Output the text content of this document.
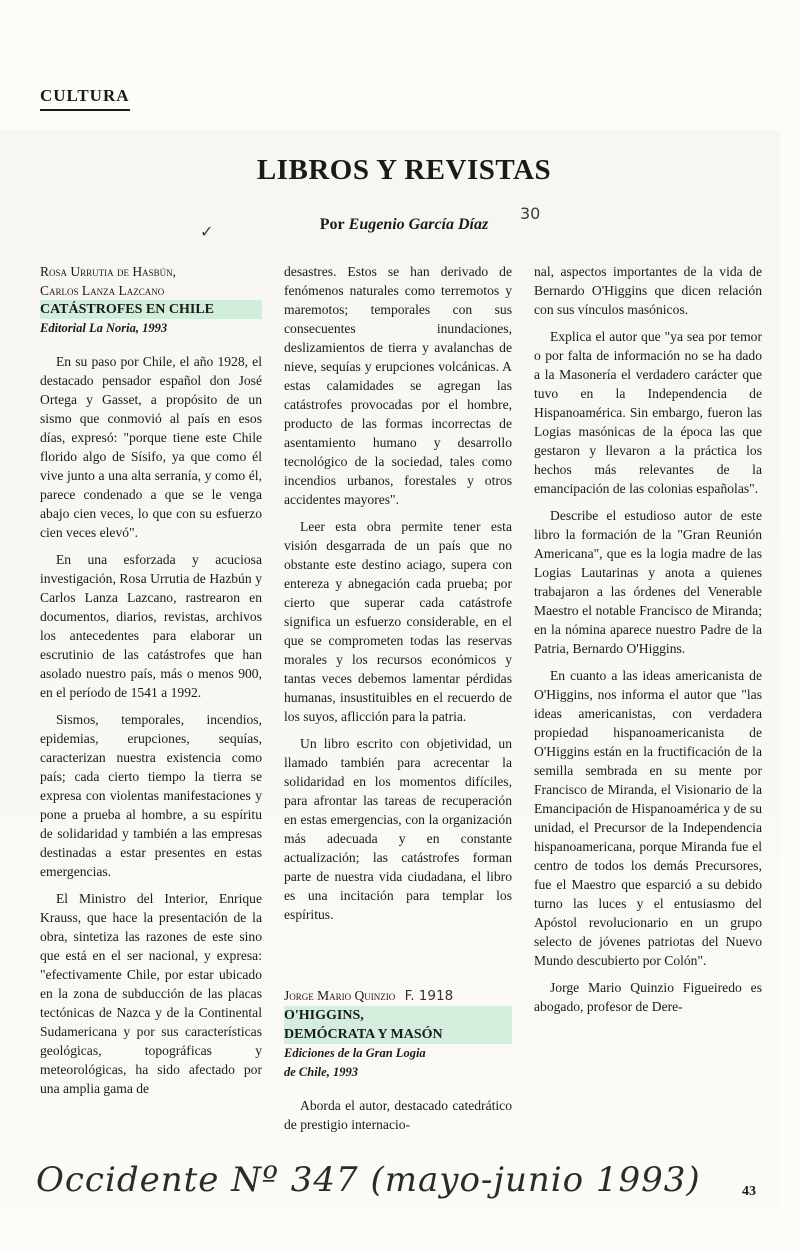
CULTURA
LIBROS Y REVISTAS
Por Eugenio García Díaz
30
✓
Rosa Urrutia de Hasbún,
Carlos Lanza Lazcano
CATÁSTROFES EN CHILE
Editorial La Noria, 1993

En su paso por Chile, el año 1928, el destacado pensador español don José Ortega y Gasset, a propósito de un sismo que conmovió al país en esos días, expresó: "porque tiene este Chile florido algo de Sísifo, ya que como él vive junto a una alta serranía, y como él, parece condenado a que se le venga abajo cien veces, lo que con su esfuerzo cien veces elevó".

En una esforzada y acuciosa investigación, Rosa Urrutia de Hazbún y Carlos Lanza Lazcano, rastrearon en documentos, diarios, revistas, archivos los antecedentes para elaborar un escrutinio de las catástrofes que han asolado nuestro país, más o menos 900, en el período de 1541 a 1992.

Sismos, temporales, incendios, epidemias, erupciones, sequías, caracterizan nuestra existencia como país; cada cierto tiempo la tierra se expresa con violentas manifestaciones y pone a prueba al hombre, a su espíritu de solidaridad y también a las empresas destinadas a estar presentes en estas emergencias.

El Ministro del Interior, Enrique Krauss, que hace la presentación de la obra, sintetiza las razones de este sino que está en el ser nacional, y expresa: "efectivamente Chile, por estar ubicado en la zona de subducción de las placas tectónicas de Nazca y de la Continental Sudamericana y por sus características geológicas, topográficas y meteorológicas, ha sido afectado por una amplia gama de

desastres. Estos se han derivado de fenómenos naturales como terremotos y maremotos; temporales con sus consecuentes inundaciones, deslizamientos de tierra y avalanchas de nieve, sequías y erupciones volcánicas. A estas calamidades se agregan las catástrofes provocadas por el hombre, producto de las formas incorrectas de asentamiento humano y desarrollo tecnológico de la sociedad, tales como incendios urbanos, forestales y otros accidentes mayores".

Leer esta obra permite tener esta visión desgarrada de un país que no obstante este destino aciago, supera con entereza y abnegación cada prueba; por cierto que superar cada catástrofe significa un esfuerzo considerable, en el que se comprometen todas las reservas morales y los recursos económicos y tantas veces debemos lamentar pérdidas humanas, insustituibles en el recuerdo de los suyos, aflicción para la patria.

Un libro escrito con objetividad, un llamado también para acrecentar la solidaridad en los momentos difíciles, para afrontar las tareas de recuperación en estas emergencias, con la organización más adecuada y en constante actualización; las catástrofes forman parte de nuestra vida ciudadana, el libro es una incitación para templar los espíritus.

Jorge Mario Quinzio F. 1918
O'HIGGINS,
DEMÓCRATA Y MASÓN
Ediciones de la Gran Logia
de Chile, 1993

Aborda el autor, destacado catedrático de prestigio internacio-

nal, aspectos importantes de la vida de Bernardo O'Higgins que dicen relación con sus vínculos masónicos.

Explica el autor que "ya sea por temor o por falta de información no se ha dado a la Masonería el verdadero carácter que tuvo en la Independencia de Hispanoamérica. Sin embargo, fueron las Logias masónicas de la época las que gestaron y llevaron a la práctica los hechos más relevantes de la emancipación de las colonias españolas".

Describe el estudioso autor de este libro la formación de la "Gran Reunión Americana", que es la logia madre de las Logias Lautarinas y anota a quienes trabajaron a las órdenes del Venerable Maestro el notable Francisco de Miranda; en la nómina aparece nuestro Padre de la Patria, Bernardo O'Higgins.

En cuanto a las ideas americanista de O'Higgins, nos informa el autor que "las ideas americanistas, con verdadera propiedad hispanoamericanista de O'Higgins están en la fructificación de la semilla sembrada en su mente por Francisco de Miranda, el Visionario de la Emancipación de Hispanoamérica y de su unidad, el Precursor de la Independencia hispanoamericana, porque Miranda fue el centro de todos los demás Precursores, fue el Maestro que esparció a su debido turno las luces y el entusiasmo del Apóstol revolucionario en un grupo selecto de jóvenes patriotas del Nuevo Mundo descubierto por Colón".

Jorge Mario Quinzio Figueiredo es abogado, profesor de Dere-

Occidente Nº 347 (mayo-junio 1993)	43
